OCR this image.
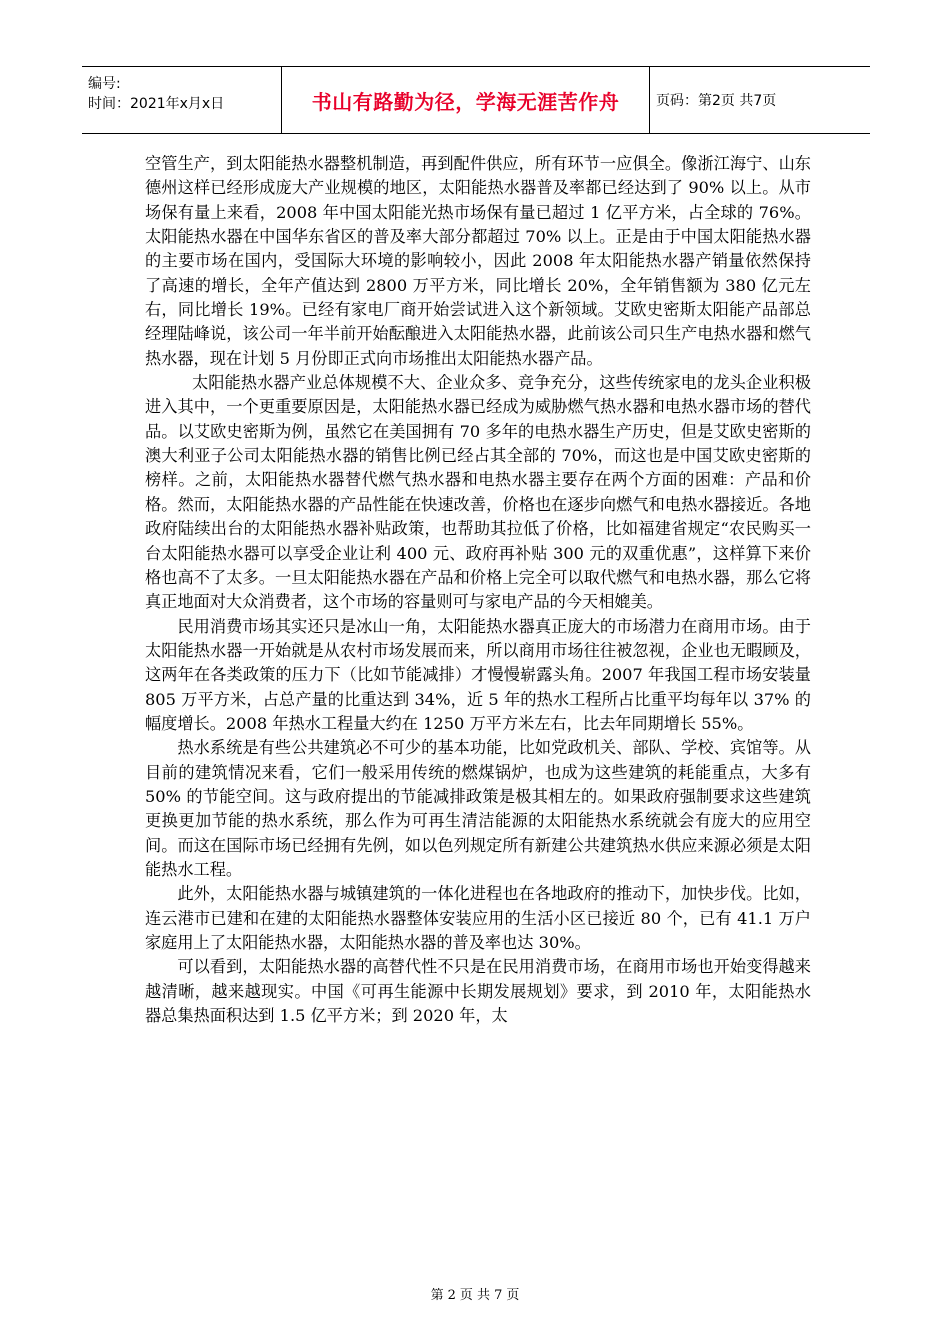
编号:
时间：2021年x月x日	书山有路勤为径，学海无涯苦作舟	页码：第2页 共7页

空管生产，到太阳能热水器整机制造，再到配件供应，所有环节一应俱全。像浙江海宁、山东德州这样已经形成庞大产业规模的地区，太阳能热水器普及率都已经达到了 90% 以上。从市场保有量上来看，2008 年中国太阳能光热市场保有量已超过 1 亿平方米，占全球的 76%。太阳能热水器在中国华东省区的普及率大部分都超过 70% 以上。正是由于中国太阳能热水器的主要市场在国内，受国际大环境的影响较小，因此 2008 年太阳能热水器产销量依然保持了高速的增长，全年产值达到 2800 万平方米，同比增长 20%，全年销售额为 380 亿元左右，同比增长 19%。已经有家电厂商开始尝试进入这个新领域。艾欧史密斯太阳能产品部总经理陆峰说，该公司一年半前开始酝酿进入太阳能热水器，此前该公司只生产电热水器和燃气热水器，现在计划 5 月份即正式向市场推出太阳能热水器产品。

太阳能热水器产业总体规模不大、企业众多、竞争充分，这些传统家电的龙头企业积极进入其中，一个更重要原因是，太阳能热水器已经成为威胁燃气热水器和电热水器市场的替代品。以艾欧史密斯为例，虽然它在美国拥有 70 多年的电热水器生产历史，但是艾欧史密斯的澳大利亚子公司太阳能热水器的销售比例已经占其全部的 70%，而这也是中国艾欧史密斯的榜样。之前，太阳能热水器替代燃气热水器和电热水器主要存在两个方面的困难：产品和价格。然而，太阳能热水器的产品性能在快速改善，价格也在逐步向燃气和电热水器接近。各地政府陆续出台的太阳能热水器补贴政策，也帮助其拉低了价格，比如福建省规定“农民购买一台太阳能热水器可以享受企业让利 400 元、政府再补贴 300 元的双重优惠”，这样算下来价格也高不了太多。一旦太阳能热水器在产品和价格上完全可以取代燃气和电热水器，那么它将真正地面对大众消费者，这个市场的容量则可与家电产品的今天相媲美。

民用消费市场其实还只是冰山一角，太阳能热水器真正庞大的市场潜力在商用市场。由于太阳能热水器一开始就是从农村市场发展而来，所以商用市场往往被忽视，企业也无暇顾及，这两年在各类政策的压力下（比如节能减排）才慢慢崭露头角。2007 年我国工程市场安装量 805 万平方米，占总产量的比重达到 34%，近 5 年的热水工程所占比重平均每年以 37% 的幅度增长。2008 年热水工程量大约在 1250 万平方米左右，比去年同期增长 55%。

热水系统是有些公共建筑必不可少的基本功能，比如党政机关、部队、学校、宾馆等。从目前的建筑情况来看，它们一般采用传统的燃煤锅炉，也成为这些建筑的耗能重点，大多有 50% 的节能空间。这与政府提出的节能减排政策是极其相左的。如果政府强制要求这些建筑更换更加节能的热水系统，那么作为可再生清洁能源的太阳能热水系统就会有庞大的应用空间。而这在国际市场已经拥有先例，如以色列规定所有新建公共建筑热水供应来源必须是太阳能热水工程。

此外，太阳能热水器与城镇建筑的一体化进程也在各地政府的推动下，加快步伐。比如，连云港市已建和在建的太阳能热水器整体安装应用的生活小区已接近 80 个，已有 41.1 万户家庭用上了太阳能热水器，太阳能热水器的普及率也达 30%。

可以看到，太阳能热水器的高替代性不只是在民用消费市场，在商用市场也开始变得越来越清晰，越来越现实。中国《可再生能源中长期发展规划》要求，到 2010 年，太阳能热水器总集热面积达到 1.5 亿平方米；到 2020 年，太

第 2 页 共 7 页
